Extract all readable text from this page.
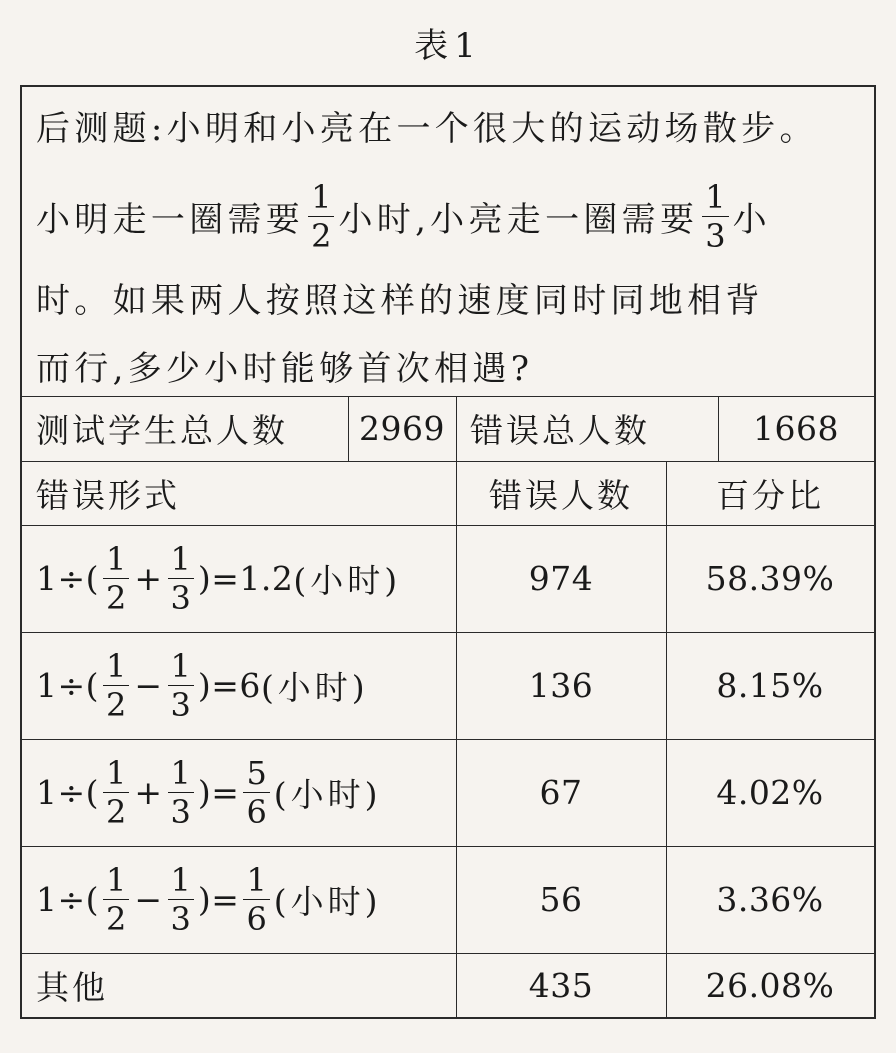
表1
后测题:小明和小亮在一个很大的运动场散步。
小明走一圈需要 $\frac{1}{2}$ 小时,小亮走一圈需要 $\frac{1}{3}$ 小
时。如果两人按照这样的速度同时同地相背
而行,多少小时能够首次相遇?
测试学生总人数	2969 错误总人数	1668
错误形式	错误人数	百分比
$1\div( \frac{1}{2} + \frac{1}{3} )=1.2$ (小时)	974	58.39%
$1\div( \frac{1}{2} - \frac{1}{3} )=6$ (小时)	136	8.15%
$1\div( \frac{1}{2} + \frac{1}{3}$ )= $\frac{5}{6}$ (小时)	67	4.02%
$1\div( \frac{1}{2} - \frac{1}{3}$ )= $\frac{1}{6}$ (小时)	56	3.36%
其他	435	26.08%
